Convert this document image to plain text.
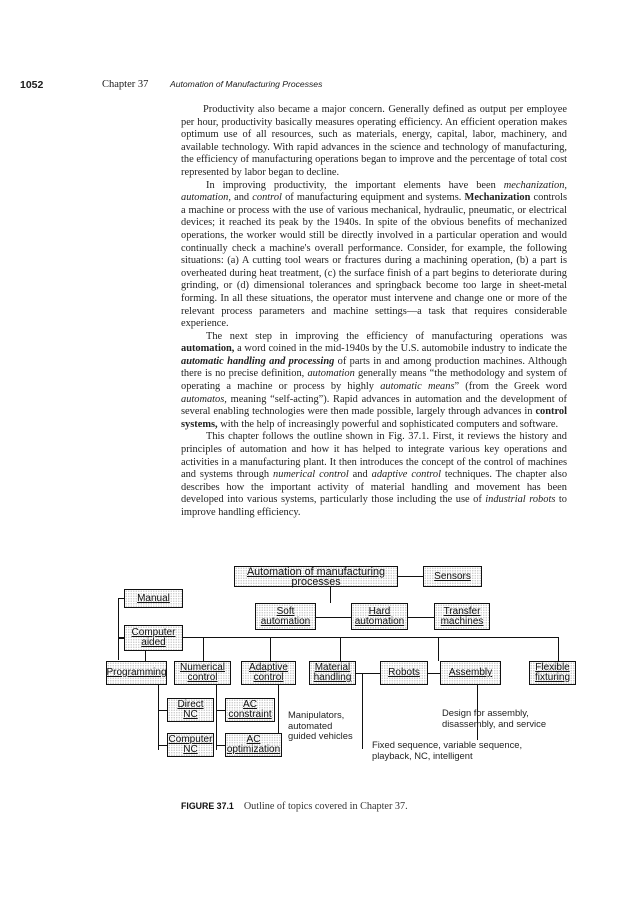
1052	Chapter 37	Automation of Manufacturing Processes

Productivity also became a major concern. Generally defined as output per employee per hour, productivity basically measures operating efficiency. An efficient operation makes optimum use of all resources, such as materials, energy, capital, labor, machinery, and available technology. With rapid advances in the science and technology of manufacturing, the efficiency of manufacturing operations began to improve and the percentage of total cost represented by labor began to decline.

In improving productivity, the important elements have been mechanization, automation, and control of manufacturing equipment and systems. Mechanization controls a machine or process with the use of various mechanical, hydraulic, pneumatic, or electrical devices; it reached its peak by the 1940s. In spite of the obvious benefits of mechanized operations, the worker would still be directly involved in a particular operation and would continually check a machine's overall performance. Consider, for example, the following situations: (a) A cutting tool wears or fractures during a machining operation, (b) a part is overheated during heat treatment, (c) the surface finish of a part begins to deteriorate during grinding, or (d) dimensional tolerances and springback become too large in sheet-metal forming. In all these situations, the operator must intervene and change one or more of the relevant process parameters and machine settings—a task that requires considerable experience.

The next step in improving the efficiency of manufacturing operations was automation, a word coined in the mid-1940s by the U.S. automobile industry to indicate the automatic handling and processing of parts in and among production machines. Although there is no precise definition, automation generally means “the methodology and system of operating a machine or process by highly automatic means” (from the Greek word automatos, meaning “self-acting”). Rapid advances in automation and the development of several enabling technologies were then made possible, largely through advances in control systems, with the help of increasingly powerful and sophisticated computers and software.

This chapter follows the outline shown in Fig. 37.1. First, it reviews the history and principles of automation and how it has helped to integrate various key operations and activities in a manufacturing plant. It then introduces the concept of the control of machines and systems through numerical control and adaptive control techniques. The chapter also describes how the important activity of material handling and movement has been developed into various systems, particularly those including the use of industrial robots to improve handling efficiency.

Automation of manufacturing processes	Sensors
Manual
Computer
aided
Soft
automation
Hard
automation
Transfer
machines
Programming Numerical
control
Adaptive
control
Material
handling	Robots	Assembly	Flexible
fixturing
Direct
NC
Computer
NC
AC
constraint
AC
optimization
Manipulators,
automated
guided vehicles
Fixed sequence, variable sequence,
playback, NC, intelligent
Design for assembly,
disassembly, and service
FIGURE 37.1 Outline of topics covered in Chapter 37.
